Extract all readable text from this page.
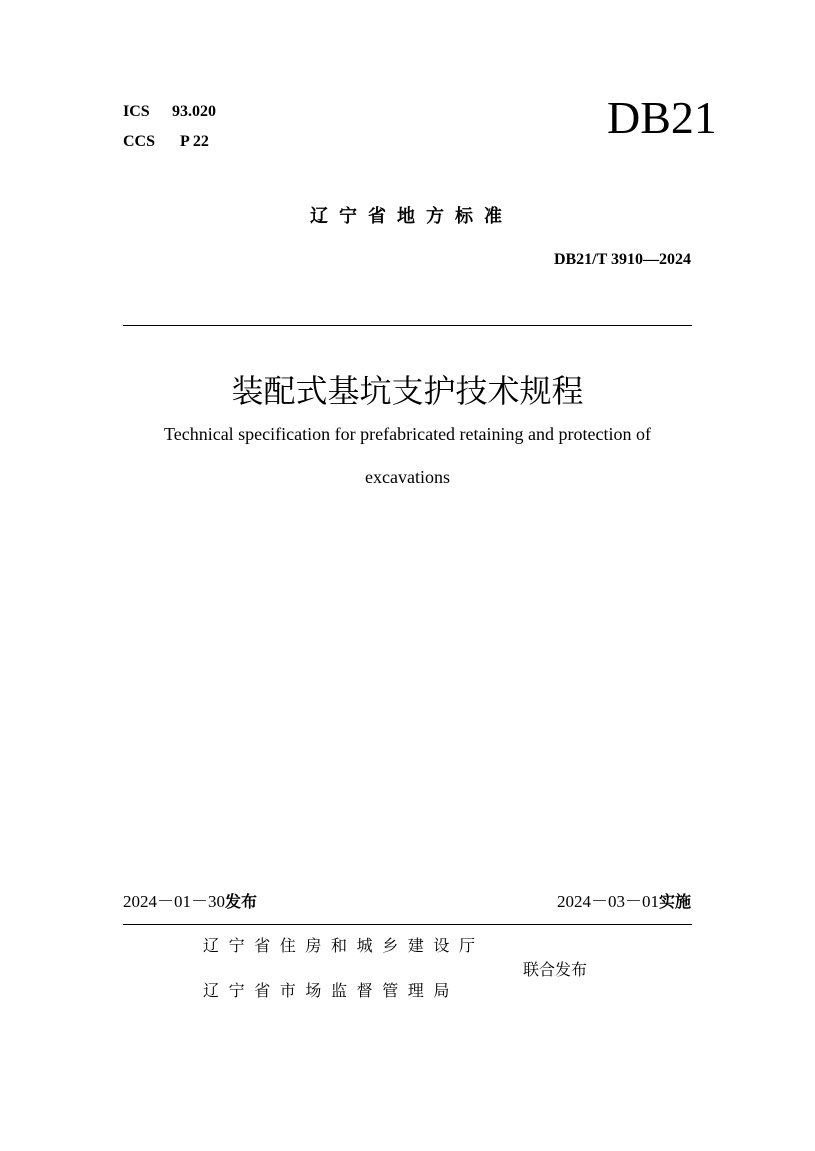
ICS 93.020
CCS P 22	DB21
辽宁省地方标准
DB21/T 3910—2024
装配式基坑支护技术规程
Technical specification for prefabricated retaining and protection of
excavations
2024－01－30发布	2024－03－01实施
辽宁省住房和城乡建设厅
辽宁省市场监督管理局
联合发布
